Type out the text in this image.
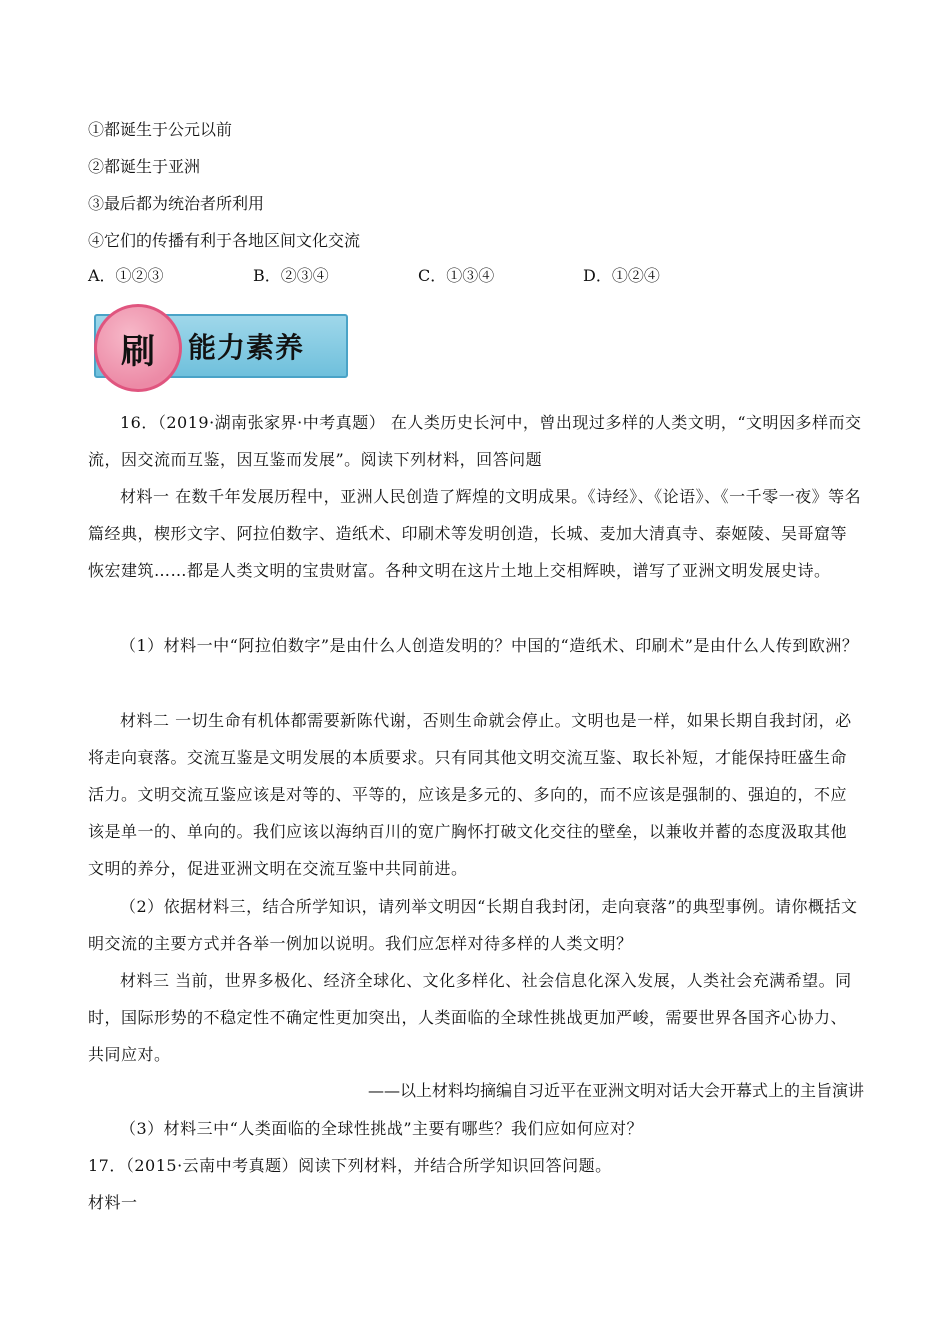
①都诞生于公元以前
②都诞生于亚洲
③最后都为统治者所利用
④它们的传播有利于各地区间文化交流
A．①②③	B．②③④	C．①③④	D．①②④
刷 能力素养
16．（2019·湖南张家界·中考真题） 在人类历史长河中，曾出现过多样的人类文明，“文明因多样而交流，因交流而互鉴，因互鉴而发展”。阅读下列材料，回答问题
材料一 在数千年发展历程中，亚洲人民创造了辉煌的文明成果。《诗经》、《论语》、《一千零一夜》等名篇经典，楔形文字、阿拉伯数字、造纸术、印刷术等发明创造，长城、麦加大清真寺、泰姬陵、吴哥窟等恢宏建筑……都是人类文明的宝贵财富。各种文明在这片土地上交相辉映，谱写了亚洲文明发展史诗。
（1）材料一中“阿拉伯数字”是由什么人创造发明的？中国的“造纸术、印刷术”是由什么人传到欧洲？
材料二 一切生命有机体都需要新陈代谢，否则生命就会停止。文明也是一样，如果长期自我封闭，必将走向衰落。交流互鉴是文明发展的本质要求。只有同其他文明交流互鉴、取长补短，才能保持旺盛生命活力。文明交流互鉴应该是对等的、平等的，应该是多元的、多向的，而不应该是强制的、强迫的，不应该是单一的、单向的。我们应该以海纳百川的宽广胸怀打破文化交往的壁垒，以兼收并蓄的态度汲取其他文明的养分，促进亚洲文明在交流互鉴中共同前进。
（2）依据材料三，结合所学知识，请列举文明因“长期自我封闭，走向衰落”的典型事例。请你概括文明交流的主要方式并各举一例加以说明。我们应怎样对待多样的人类文明？
材料三 当前，世界多极化、经济全球化、文化多样化、社会信息化深入发展，人类社会充满希望。同时，国际形势的不稳定性不确定性更加突出，人类面临的全球性挑战更加严峻，需要世界各国齐心协力、共同应对。
——以上材料均摘编自习近平在亚洲文明对话大会开幕式上的主旨演讲
（3）材料三中“人类面临的全球性挑战”主要有哪些？我们应如何应对？
17．（2015·云南中考真题）阅读下列材料，并结合所学知识回答问题。
材料一
